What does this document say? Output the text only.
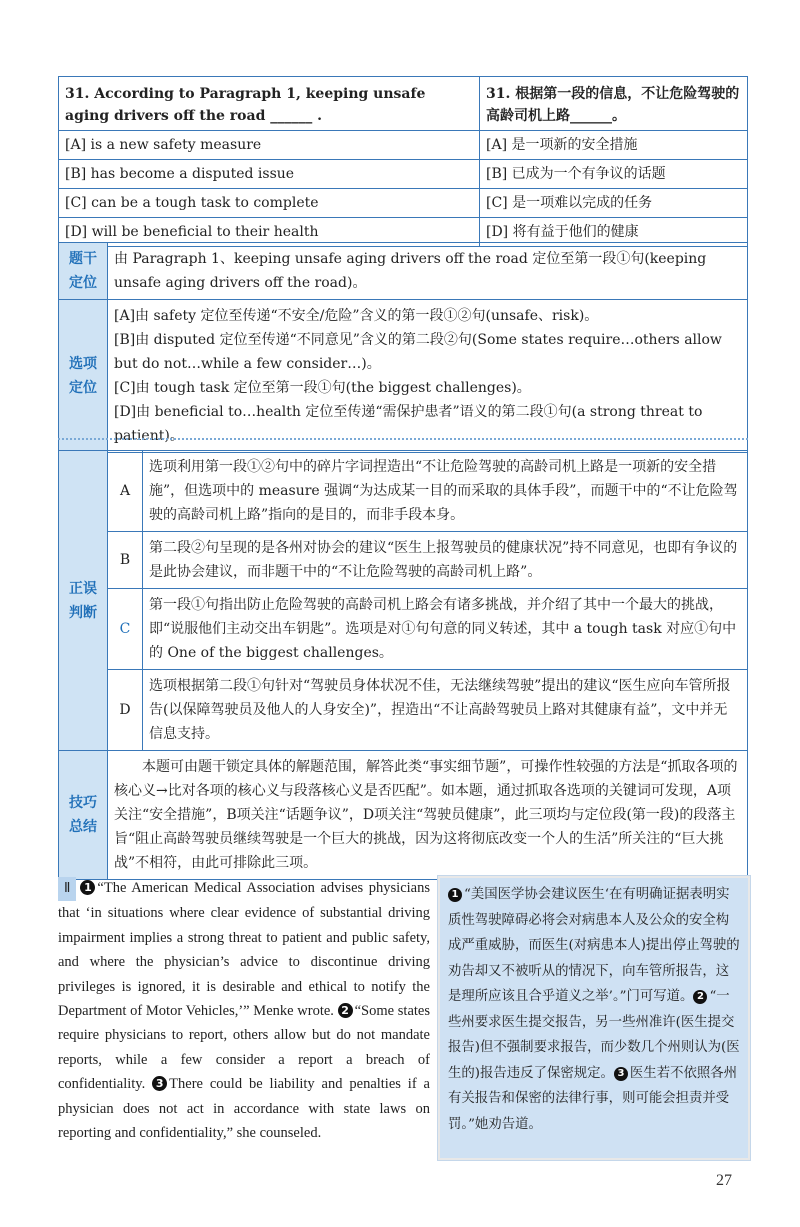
31. According to Paragraph 1, keeping unsafe aging drivers off the road ______ .	31. 根据第一段的信息，不让危险驾驶的高龄司机上路______。
[A] is a new safety measure	[A] 是一项新的安全措施
[B] has become a disputed issue	[B] 已成为一个有争议的话题
[C] can be a tough task to complete	[C] 是一项难以完成的任务
[D] will be beneficial to their health	[D] 将有益于他们的健康
题干定位	由 Paragraph 1、keeping unsafe aging drivers off the road 定位至第一段①句(keeping unsafe aging drivers off the road)。
选项定位	[A]由 safety 定位至传递“不安全/危险”含义的第一段①②句(unsafe、risk)。
[B]由 disputed 定位至传递“不同意见”含义的第二段②句(Some states require…others allow but do not…while a few consider…)。
[C]由 tough task 定位至第一段①句(the biggest challenges)。
[D]由 beneficial to…health 定位至传递“需保护患者”语义的第二段①句(a strong threat to patient)。
正误判断	A	选项利用第一段①②句中的碎片字词捏造出“不让危险驾驶的高龄司机上路是一项新的安全措施”，但选项中的 measure 强调“为达成某一目的而采取的具体手段”，而题干中的“不让危险驾驶的高龄司机上路”指向的是目的，而非手段本身。
	B	第二段②句呈现的是各州对协会的建议“医生上报驾驶员的健康状况”持不同意见，也即有争议的是此协会建议，而非题干中的“不让危险驾驶的高龄司机上路”。
	C	第一段①句指出防止危险驾驶的高龄司机上路会有诸多挑战，并介绍了其中一个最大的挑战，即“说服他们主动交出车钥匙”。选项是对①句句意的同义转述，其中 a tough task 对应①句中的 One of the biggest challenges。
	D	选项根据第二段①句针对“驾驶员身体状况不佳，无法继续驾驶”提出的建议“医生应向车管所报告(以保障驾驶员及他人的人身安全)”，捏造出“不让高龄驾驶员上路对其健康有益”，文中并无信息支持。
技巧总结	本题可由题干锁定具体的解题范围，解答此类“事实细节题”，可操作性较强的方法是“抓取各项的核心义→比对各项的核心义与段落核心义是否匹配”。如本题，通过抓取各选项的关键词可发现，A项关注“安全措施”，B项关注“话题争议”，D项关注“驾驶员健康”，此三项均与定位段(第一段)的段落主旨“阻止高龄驾驶员继续驾驶是一个巨大的挑战，因为这将彻底改变一个人的生活”所关注的“巨大挑战”不相符，由此可排除此三项。	
Ⅱ 1 “The American Medical Association advises physicians that ‘in situations where clear evidence of substantial driving impairment implies a strong threat to patient and public safety, and where the physician’s advice to discontinue driving privileges is ignored, it is desirable and ethical to notify the Department of Motor Vehicles,’” Menke wrote. 2 “Some states require physicians to report, others allow but do not mandate reports, while a few consider a report a breach of confidentiality. 3 There could be liability and penalties if a physician does not act in accordance with state laws on reporting and confidentiality,” she counseled.
1 “美国医学协会建议医生‘在有明确证据表明实质性驾驶障碍必将会对病患本人及公众的安全构成严重威胁，而医生(对病患本人)提出停止驾驶的劝告却又不被听从的情况下，向车管所报告，这是理所应该且合乎道义之举’。”门可写道。 2 “一些州要求医生提交报告，另一些州准许(医生提交报告)但不强制要求报告，而少数几个州则认为(医生的)报告违反了保密规定。 3 医生若不依照各州有关报告和保密的法律行事，则可能会担责并受罚。”她劝告道。
27
